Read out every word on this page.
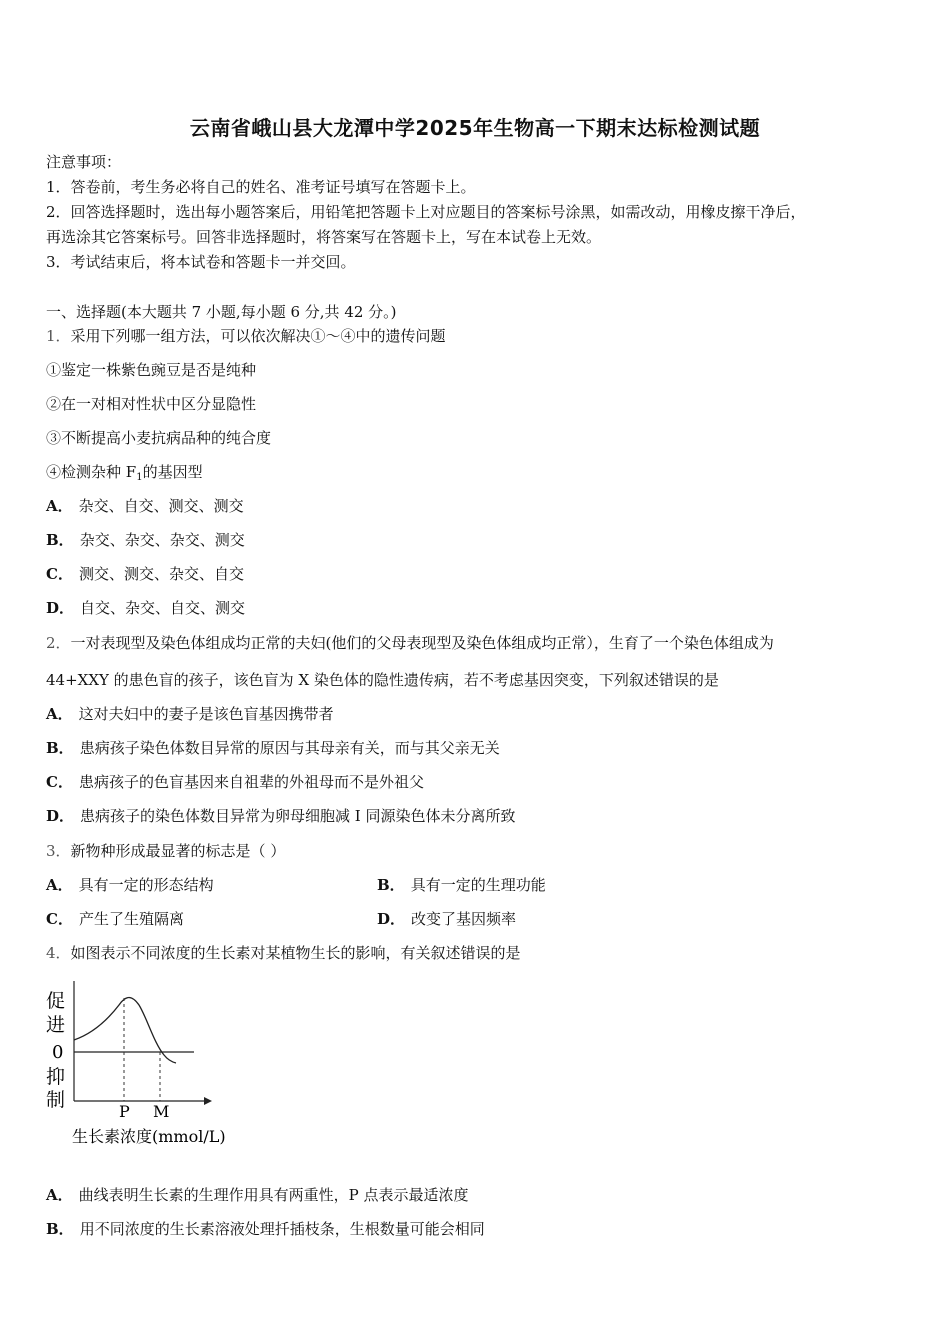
云南省峨山县大龙潭中学2025年生物高一下期末达标检测试题
注意事项：
1．答卷前，考生务必将自己的姓名、准考证号填写在答题卡上。
2．回答选择题时，选出每小题答案后，用铅笔把答题卡上对应题目的答案标号涂黑，如需改动，用橡皮擦干净后，
再选涂其它答案标号。回答非选择题时，将答案写在答题卡上，写在本试卷上无效。
3．考试结束后，将本试卷和答题卡一并交回。
一、选择题(本大题共 7 小题,每小题 6 分,共 42 分。)
1．采用下列哪一组方法，可以依次解决①～④中的遗传问题
①鉴定一株紫色豌豆是否是纯种
②在一对相对性状中区分显隐性
③不断提高小麦抗病品种的纯合度
④检测杂种 $F_1$的基因型
A． 杂交、自交、测交、测交
B． 杂交、杂交、杂交、测交
C． 测交、测交、杂交、自交
D． 自交、杂交、自交、测交
2．一对表现型及染色体组成均正常的夫妇(他们的父母表现型及染色体组成均正常），生育了一个染色体组成为
44+XXY 的患色盲的孩子，该色盲为 X 染色体的隐性遗传病，若不考虑基因突变，下列叙述错误的是
A． 这对夫妇中的妻子是该色盲基因携带者
B． 患病孩子染色体数目异常的原因与其母亲有关，而与其父亲无关
C． 患病孩子的色盲基因来自祖辈的外祖母而不是外祖父
D． 患病孩子的染色体数目异常为卵母细胞减 I 同源染色体未分离所致
3．新物种形成最显著的标志是（ ）
A． 具有一定的形态结构	B． 具有一定的生理功能
C． 产生了生殖隔离	D． 改变了基因频率
4．如图表示不同浓度的生长素对某植物生长的影响，有关叙述错误的是
促
进
0
抑
制
P M
生长素浓度(mmol/L)
A． 曲线表明生长素的生理作用具有两重性，P 点表示最适浓度
B． 用不同浓度的生长素溶液处理扦插枝条，生根数量可能会相同
